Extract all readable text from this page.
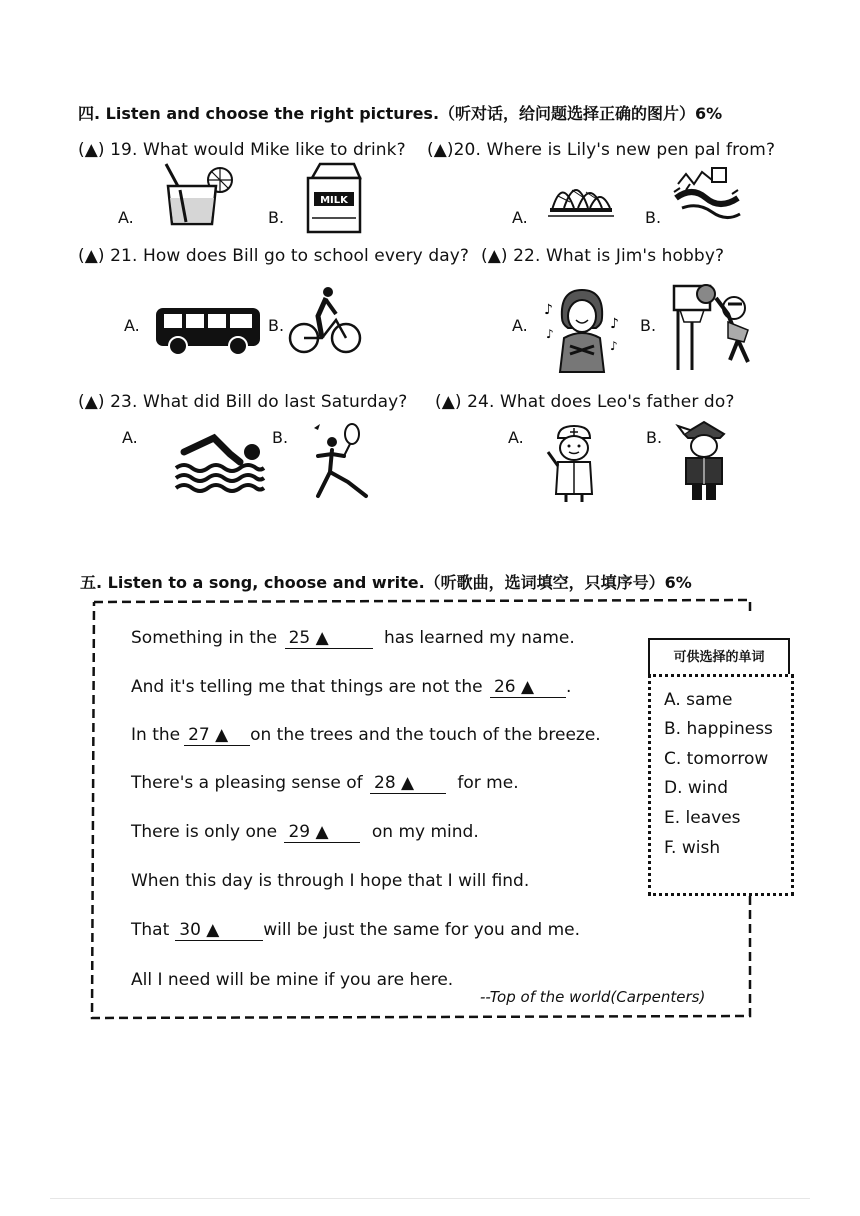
四. Listen and choose the right pictures.（听对话，给问题选择正确的图片）6%
(▲) 19. What would Mike like to drink? (▲)20. Where is Lily's new pen pal from?
A.	B.
MILK
A.	B.
(▲) 21. How does Bill go to school every day? (▲) 22. What is Jim's hobby?
A.	B.	A.
♪
♪
♪
♪
B.
(▲) 23. What did Bill do last Saturday? (▲) 24. What does Leo's father do?
A.	B.	A.	B.
五. Listen to a song, choose and write.（听歌曲，选词填空，只填序号）6%
Something in the 25 ▲	has learned my name.
And it's telling me that things are not the 26 ▲ .
In the 27 ▲ on the trees and the touch of the breeze.
There's a pleasing sense of 28 ▲	for me.
There is only one 29 ▲	on my mind.
When this day is through I hope that I will find.
That 30 ▲	will be just the same for you and me.
All I need will be mine if you are here.
--Top of the world(Carpenters)
可供选择的单词
A. same
B. happiness
C. tomorrow
D. wind
E. leaves
F. wish
